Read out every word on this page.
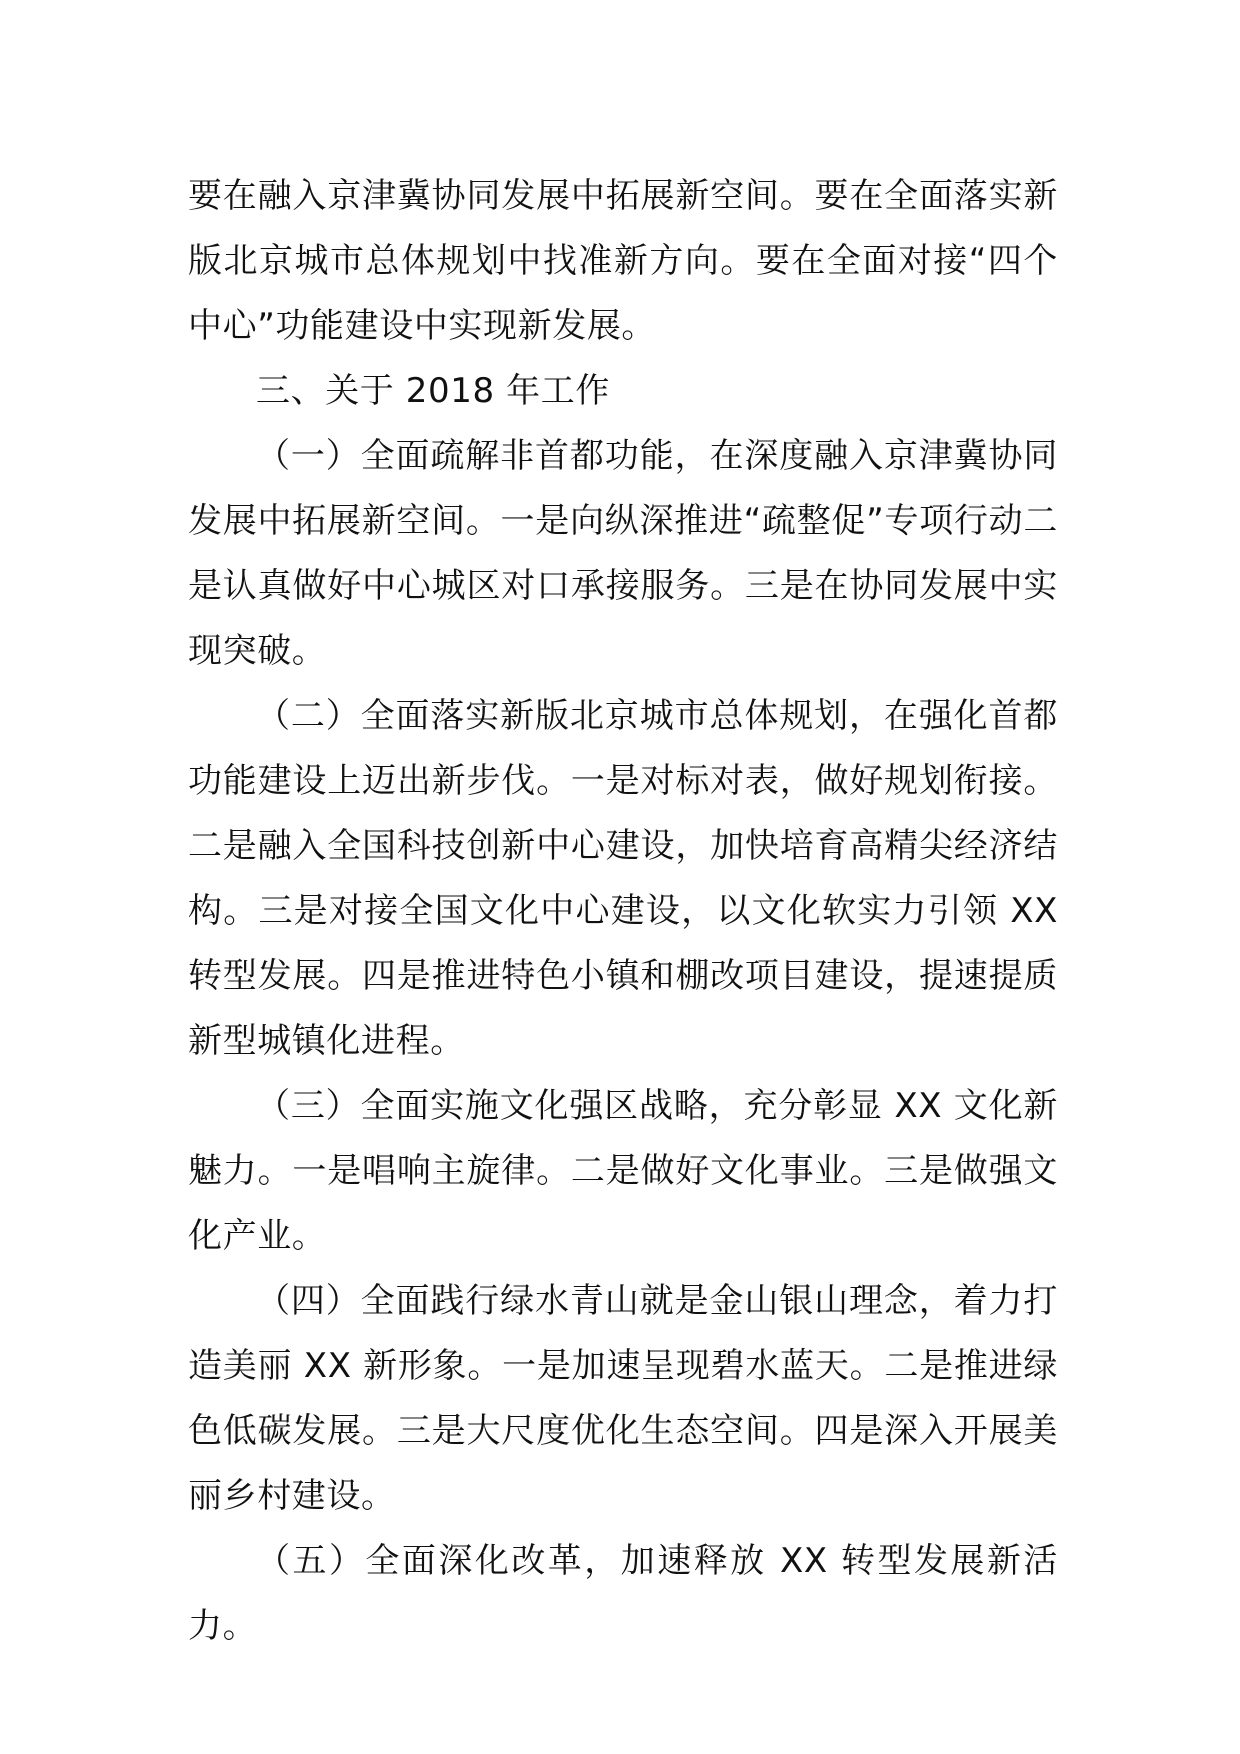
要在融入京津冀协同发展中拓展新空间。要在全面落实新版北京城市总体规划中找准新方向。要在全面对接“四个中心”功能建设中实现新发展。

三、关于 2018 年工作

（一）全面疏解非首都功能，在深度融入京津冀协同发展中拓展新空间。一是向纵深推进“疏整促”专项行动二是认真做好中心城区对口承接服务。三是在协同发展中实现突破。

（二）全面落实新版北京城市总体规划，在强化首都功能建设上迈出新步伐。一是对标对表，做好规划衔接。二是融入全国科技创新中心建设，加快培育高精尖经济结构。三是对接全国文化中心建设，以文化软实力引领 XX 转型发展。四是推进特色小镇和棚改项目建设，提速提质新型城镇化进程。

（三）全面实施文化强区战略，充分彰显 XX 文化新魅力。一是唱响主旋律。二是做好文化事业。三是做强文化产业。

（四）全面践行绿水青山就是金山银山理念，着力打造美丽 XX 新形象。一是加速呈现碧水蓝天。二是推进绿色低碳发展。三是大尺度优化生态空间。四是深入开展美丽乡村建设。

（五）全面深化改革，加速释放 XX 转型发展新活力。
